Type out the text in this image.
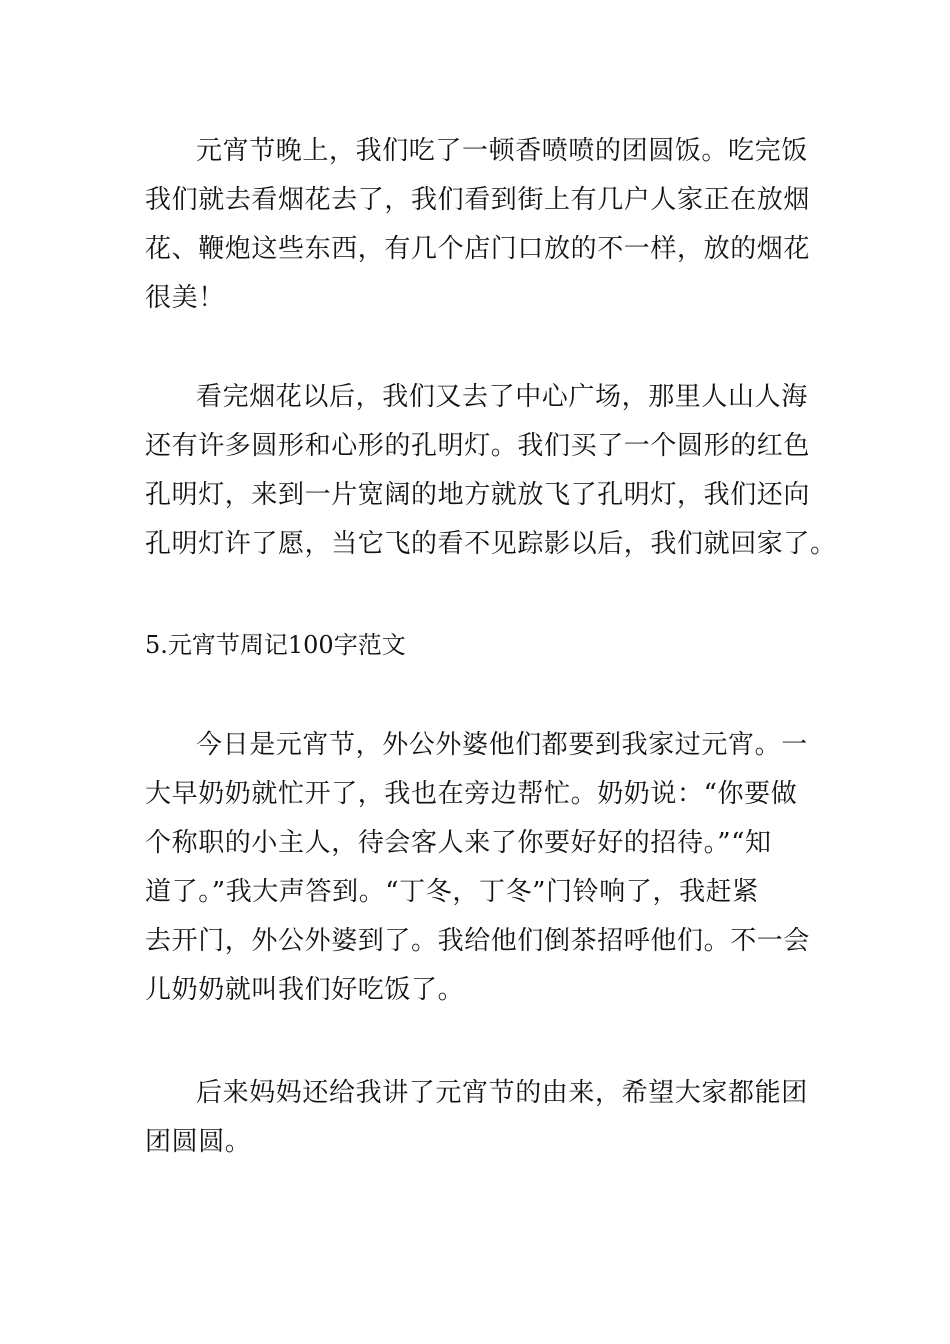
元宵节晚上，我们吃了一顿香喷喷的团圆饭。吃完饭
我们就去看烟花去了，我们看到街上有几户人家正在放烟
花、鞭炮这些东西，有几个店门口放的不一样，放的烟花
很美！
看完烟花以后，我们又去了中心广场，那里人山人海
还有许多圆形和心形的孔明灯。我们买了一个圆形的红色
孔明灯，来到一片宽阔的地方就放飞了孔明灯，我们还向
孔明灯许了愿，当它飞的看不见踪影以后，我们就回家了。
5.元宵节周记100字范文
今日是元宵节，外公外婆他们都要到我家过元宵。一
大早奶奶就忙开了，我也在旁边帮忙。奶奶说：“你要做
个称职的小主人，待会客人来了你要好好的招待。”“知
道了。”我大声答到。“丁冬，丁冬”门铃响了，我赶紧
去开门，外公外婆到了。我给他们倒茶招呼他们。不一会
儿奶奶就叫我们好吃饭了。
后来妈妈还给我讲了元宵节的由来，希望大家都能团
团圆圆。
